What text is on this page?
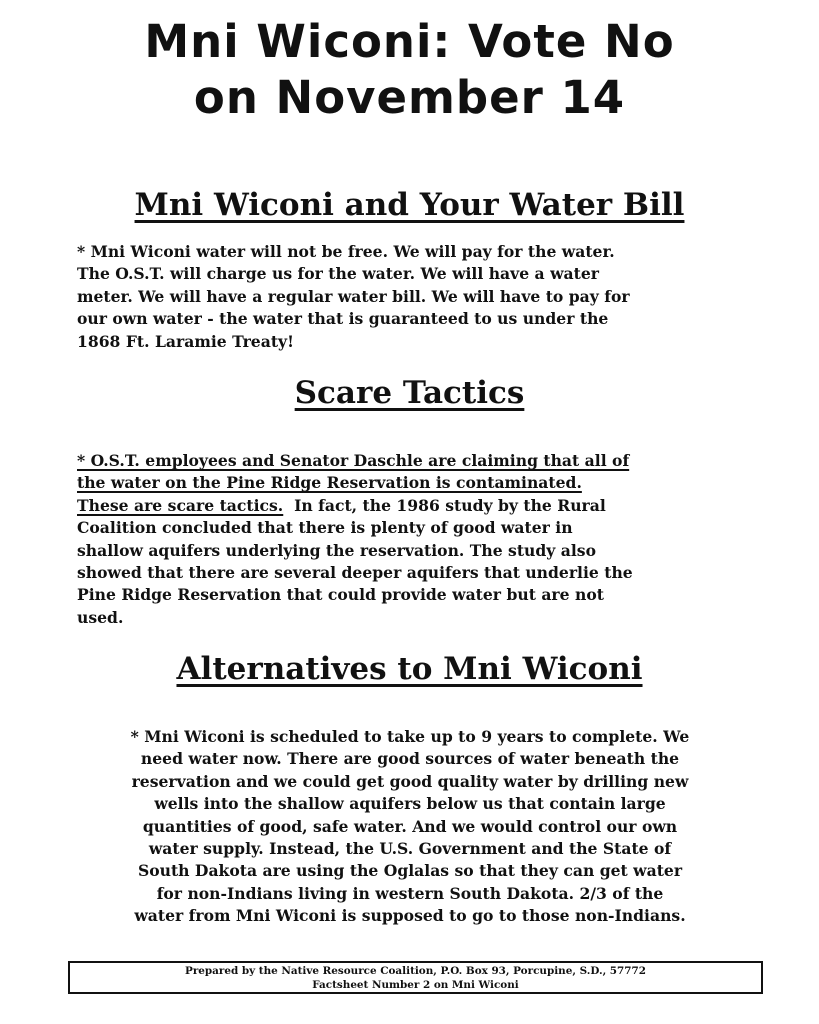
Mni Wiconi: Vote No
on November 14
Mni Wiconi and Your Water Bill
* Mni Wiconi water will not be free. We will pay for the water.
The O.S.T. will charge us for the water. We will have a water
meter. We will have a regular water bill. We will have to pay for
our own water - the water that is guaranteed to us under the
1868 Ft. Laramie Treaty!
Scare Tactics
* O.S.T. employees and Senator Daschle are claiming that all of
the water on the Pine Ridge Reservation is contaminated.
These are scare tactics.  In fact, the 1986 study by the Rural
Coalition concluded that there is plenty of good water in
shallow aquifers underlying the reservation. The study also
showed that there are several deeper aquifers that underlie the
Pine Ridge Reservation that could provide water but are not
used.
Alternatives to Mni Wiconi
* Mni Wiconi is scheduled to take up to 9 years to complete. We
need water now. There are good sources of water beneath the
reservation and we could get good quality water by drilling new
wells into the shallow aquifers below us that contain large
quantities of good, safe water. And we would control our own
water supply. Instead, the U.S. Government and the State of
South Dakota are using the Oglalas so that they can get water
for non-Indians living in western South Dakota. 2/3 of the
water from Mni Wiconi is supposed to go to those non-Indians.
Prepared by the Native Resource Coalition, P.O. Box 93, Porcupine, S.D., 57772
Factsheet Number 2 on Mni Wiconi
